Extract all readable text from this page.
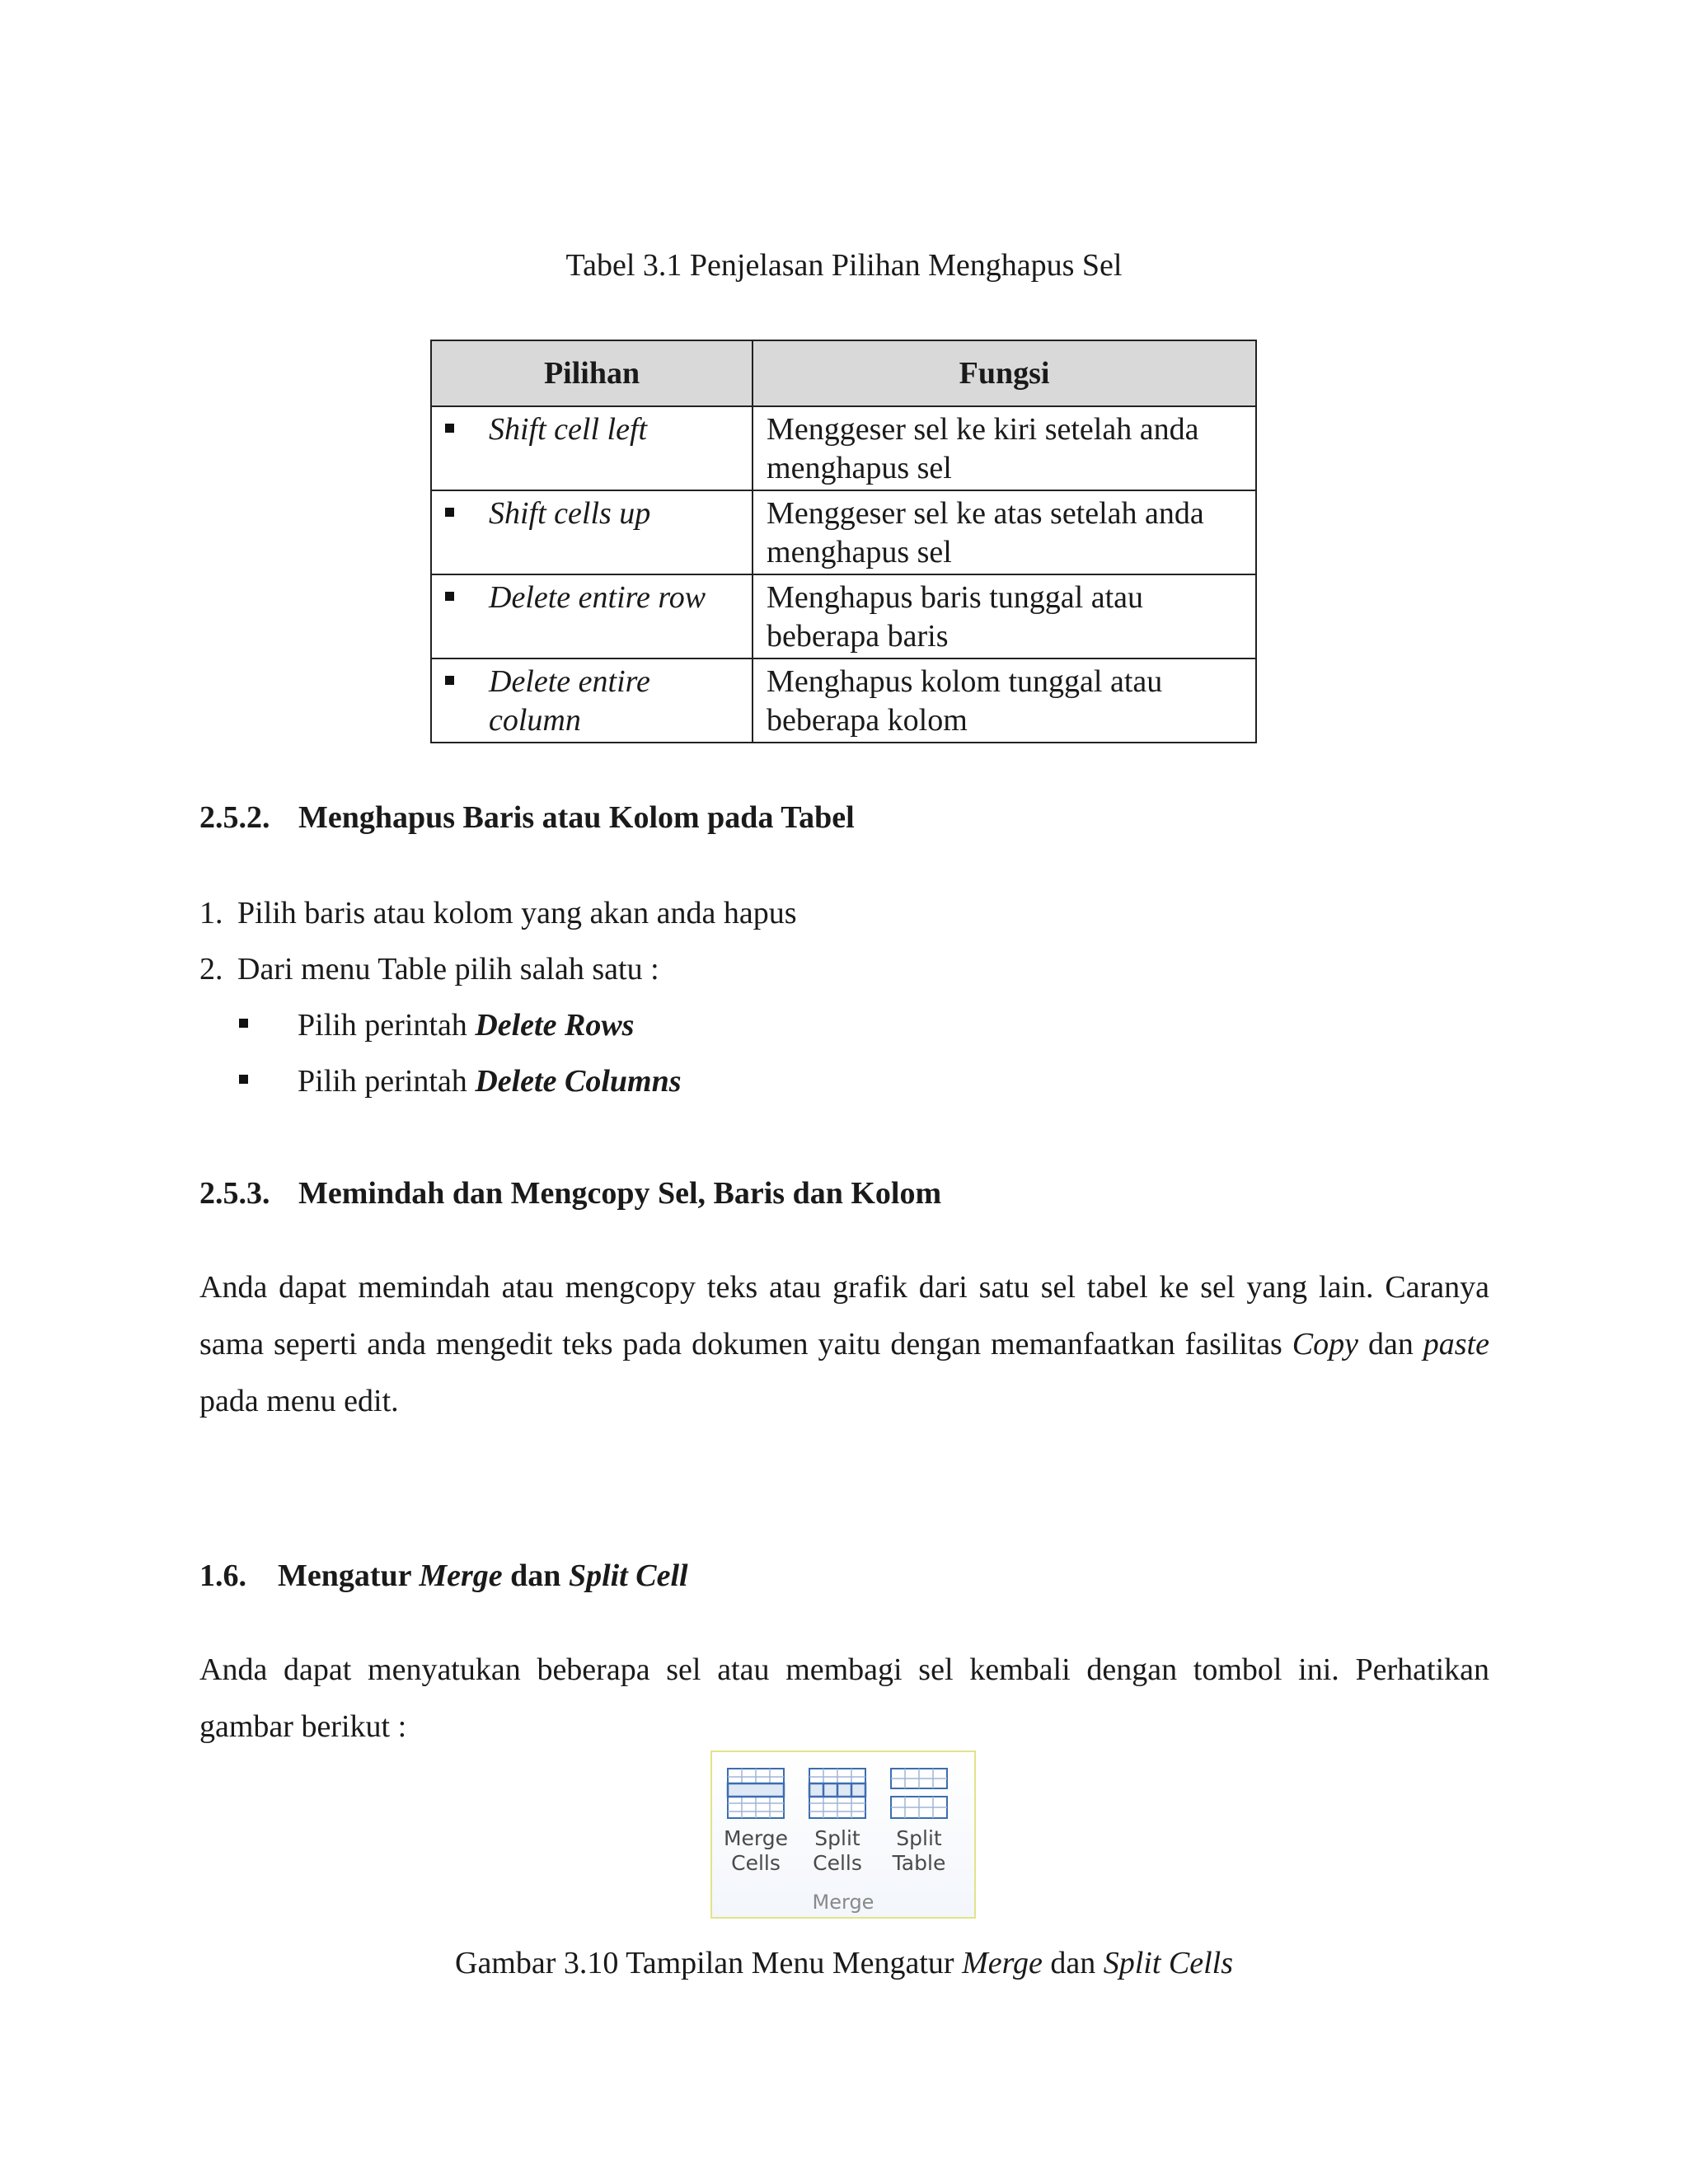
Tabel 3.1 Penjelasan Pilihan Menghapus Sel
Pilihan	Fungsi

Shift cell left	Menggeser sel ke kiri setelah anda menghapus sel

Shift cells up	Menggeser sel ke atas setelah anda menghapus sel

Delete entire row	Menghapus baris tunggal atau beberapa baris

Delete entire column	Menghapus kolom tunggal atau beberapa kolom
2.5.2. Menghapus Baris atau Kolom pada Tabel
1. Pilih baris atau kolom yang akan anda hapus
2. Dari menu Table pilih salah satu :
Pilih perintah Delete Rows
Pilih perintah Delete Columns
2.5.3. Memindah dan Mengcopy Sel, Baris dan Kolom
Anda dapat memindah atau mengcopy teks atau grafik dari satu sel tabel ke sel yang lain. Caranya sama seperti anda mengedit teks pada dokumen yaitu dengan memanfaatkan fasilitas Copy dan paste pada menu edit.
1.6. Mengatur Merge dan Split Cell
Anda dapat menyatukan beberapa sel atau membagi sel kembali dengan tombol ini. Perhatikan gambar berikut :
Merge
Cells
Split
Cells
Split
Table
Merge
Gambar 3.10 Tampilan Menu Mengatur Merge dan Split Cells
